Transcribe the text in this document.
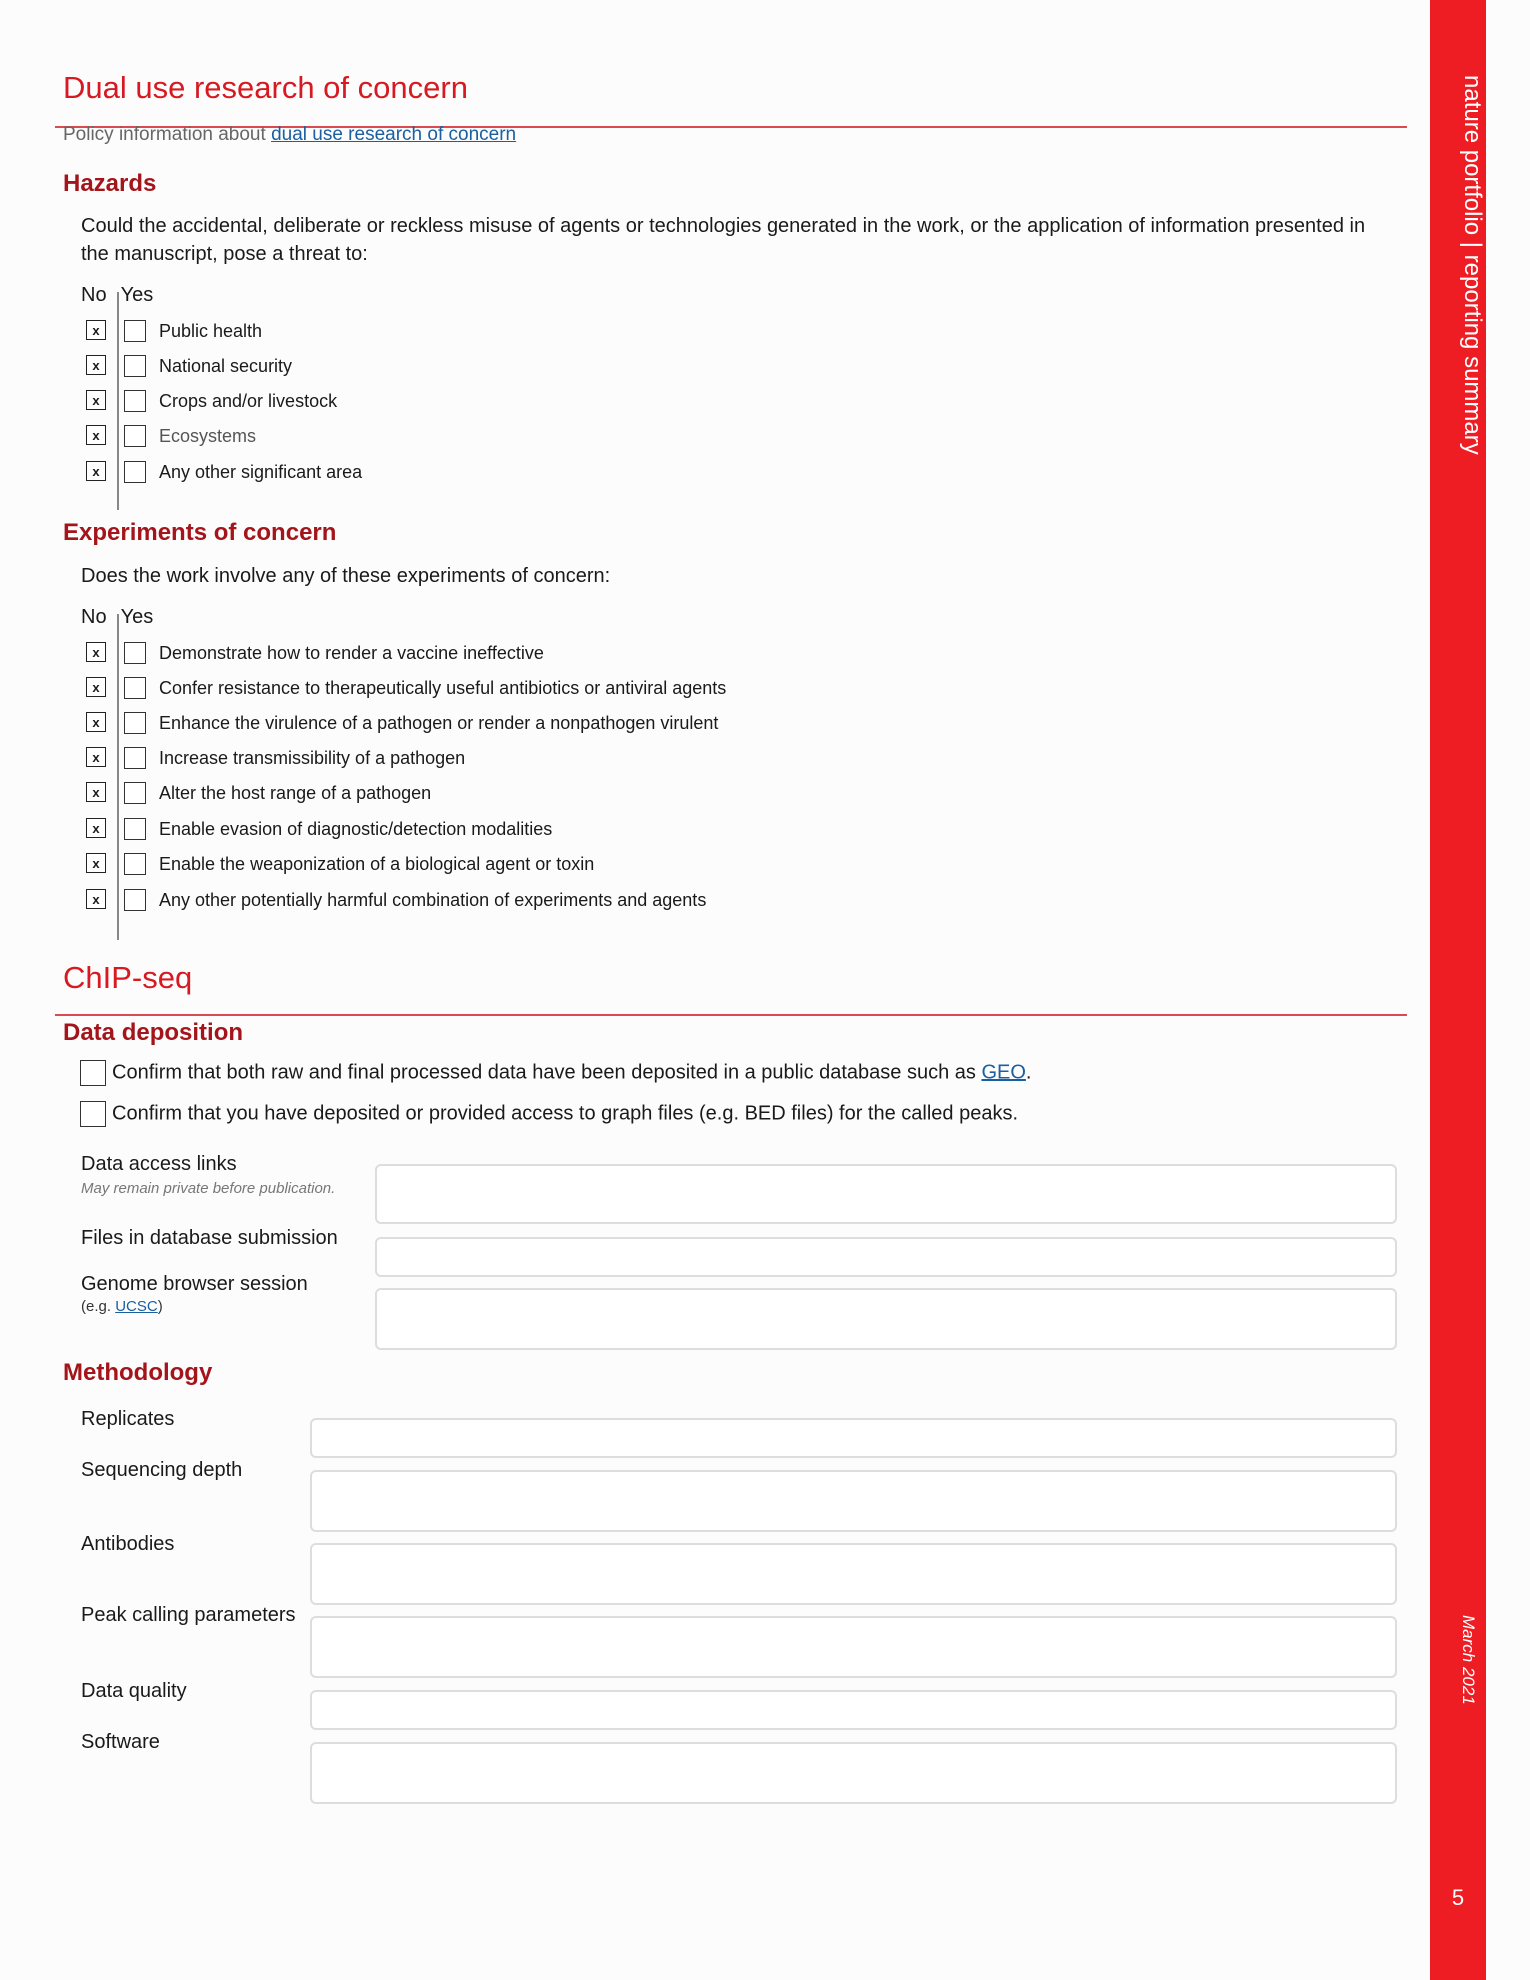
Dual use research of concern
Policy information about dual use research of concern
Hazards
Could the accidental, deliberate or reckless misuse of agents or technologies generated in the work, or the application of information presented in the manuscript, pose a threat to:
No Yes
x	Public health
x	National security
x	Crops and/or livestock
x	Ecosystems
x	Any other significant area
Experiments of concern
Does the work involve any of these experiments of concern:
No Yes
x	Demonstrate how to render a vaccine ineffective
x	Confer resistance to therapeutically useful antibiotics or antiviral agents
x	Enhance the virulence of a pathogen or render a nonpathogen virulent
x	Increase transmissibility of a pathogen
x	Alter the host range of a pathogen
x	Enable evasion of diagnostic/detection modalities
x	Enable the weaponization of a biological agent or toxin
x	Any other potentially harmful combination of experiments and agents
ChIP-seq
Data deposition
Confirm that both raw and final processed data have been deposited in a public database such as GEO.
Confirm that you have deposited or provided access to graph files (e.g. BED files) for the called peaks.
Data access links
May remain private before publication.
Files in database submission
Genome browser session
(e.g. UCSC)
Methodology
Replicates
Sequencing depth
Antibodies
Peak calling parameters
Data quality
Software
nature portfolio | reporting summary
March 2021
5
